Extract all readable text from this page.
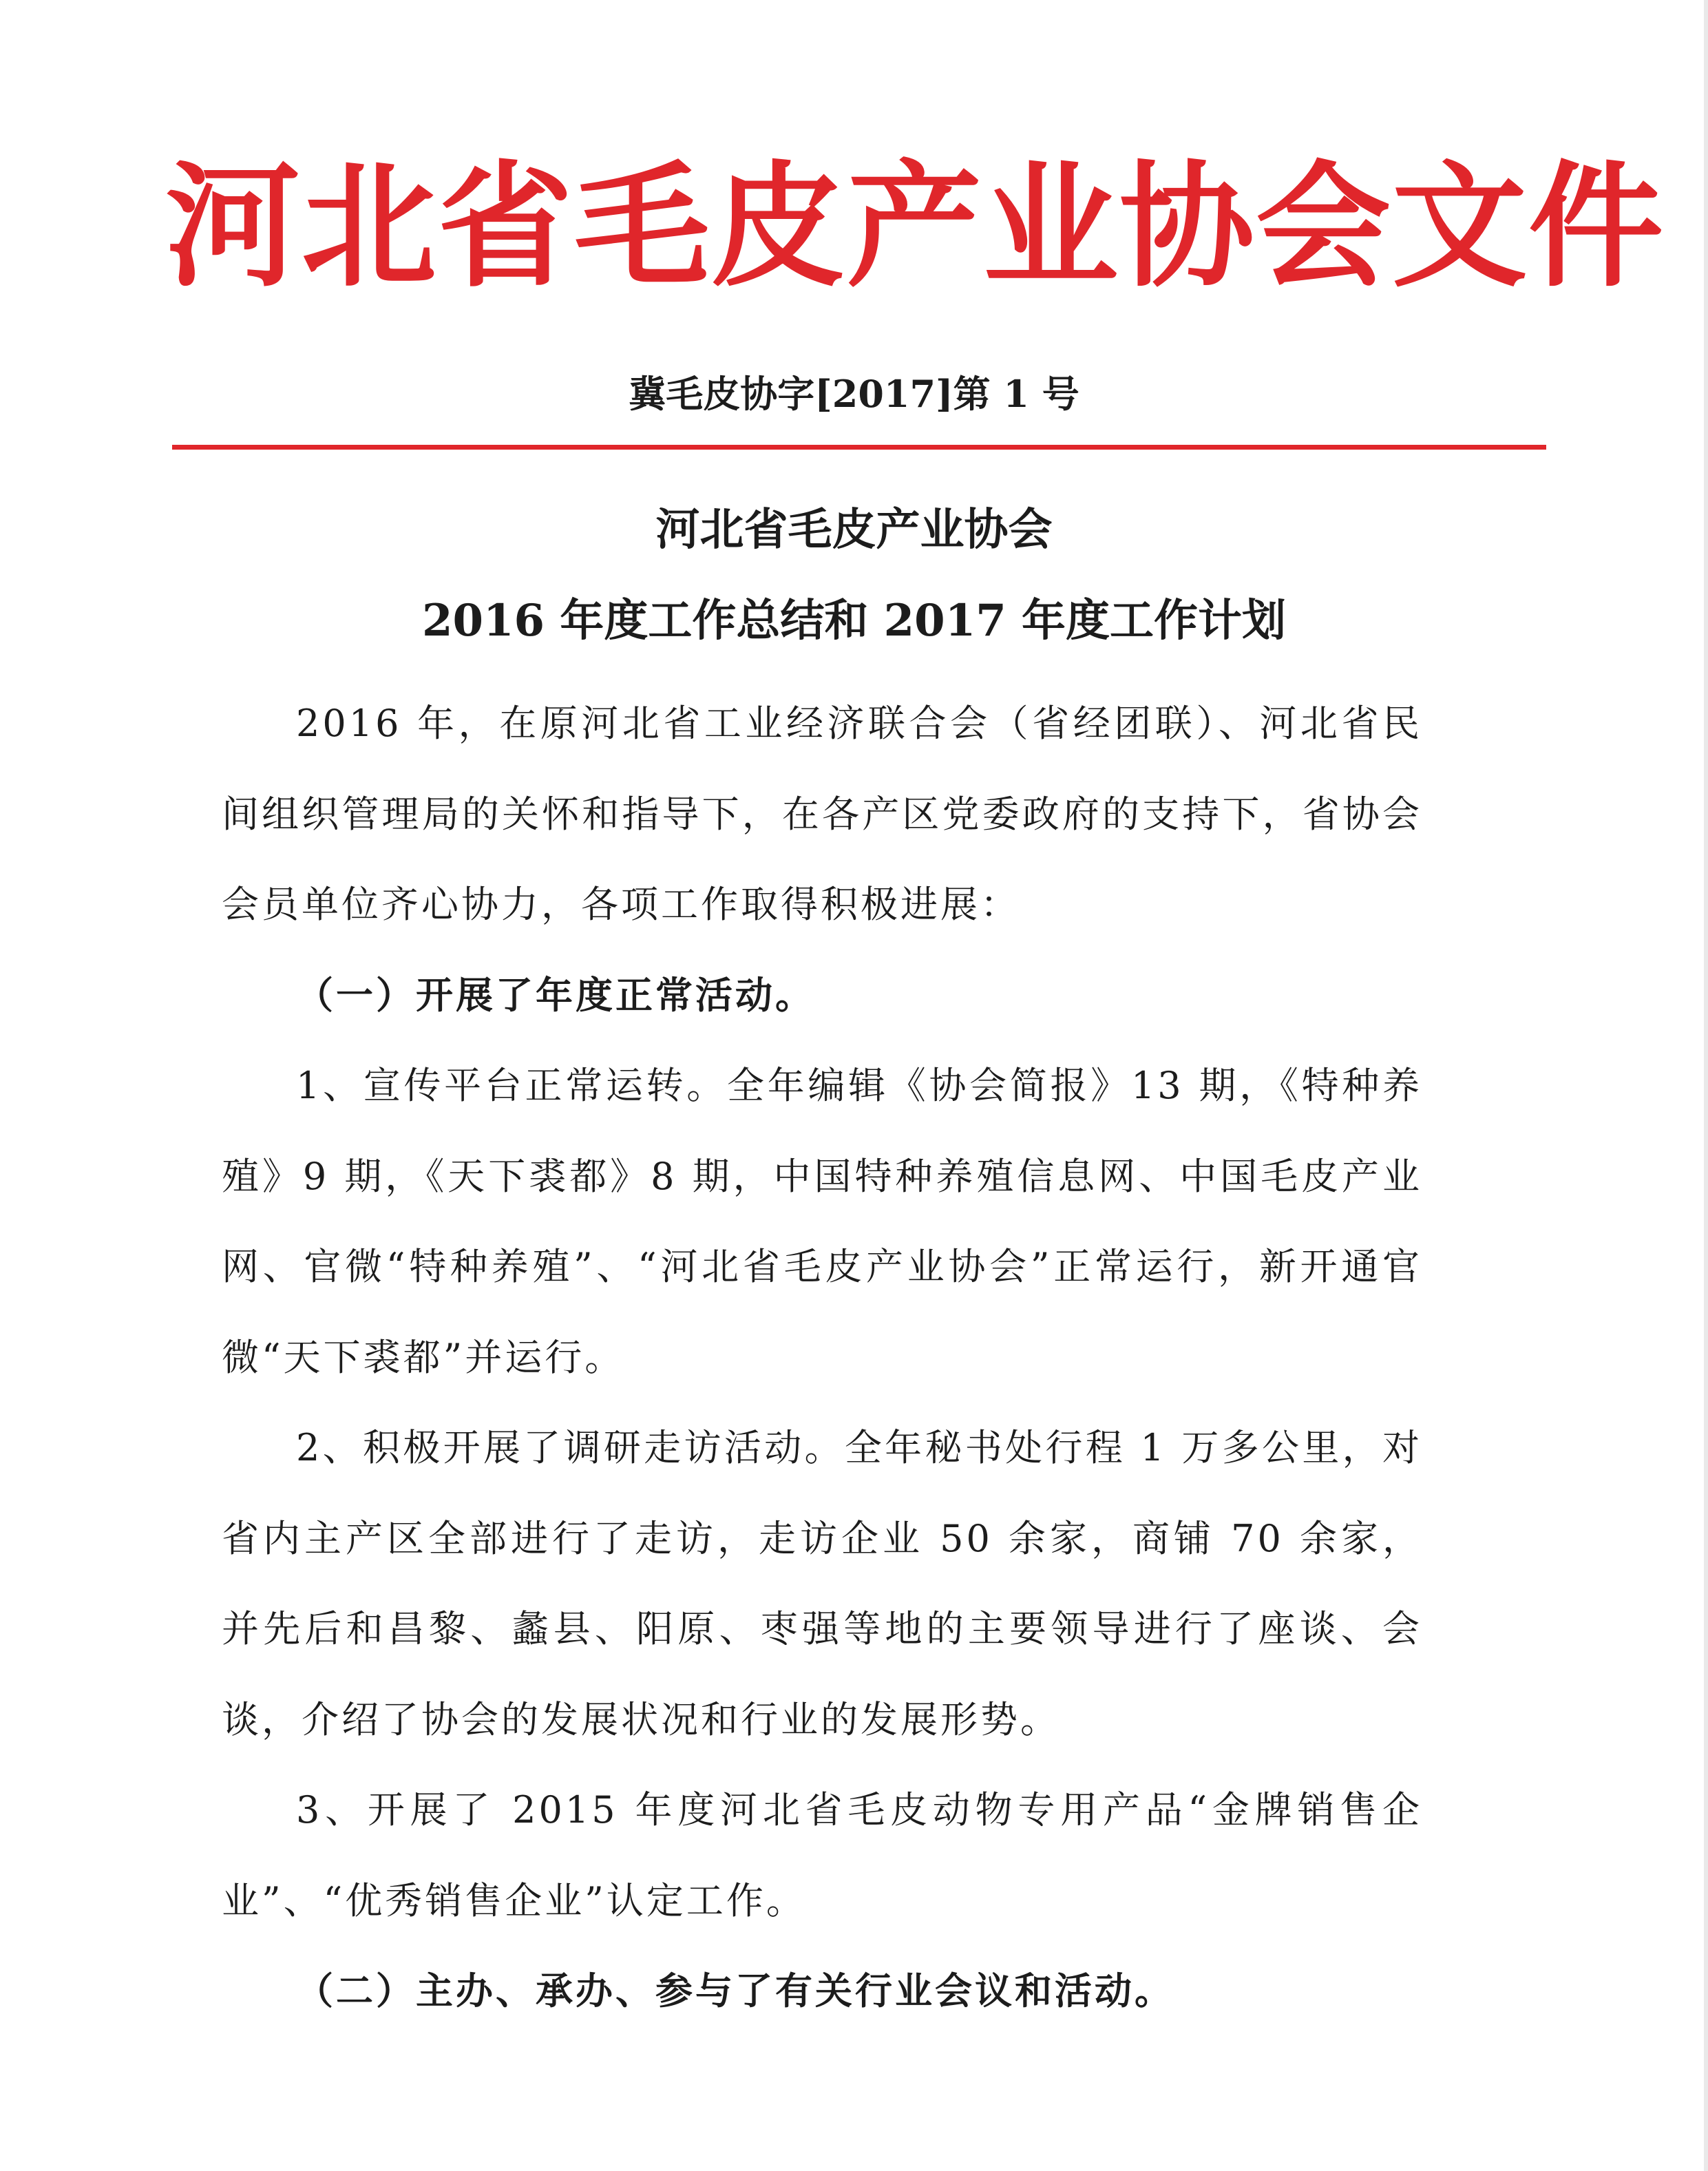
河北省毛皮产业协会文件
冀毛皮协字[2017]第 1 号
河北省毛皮产业协会
2016 年度工作总结和 2017 年度工作计划

2016 年，在原河北省工业经济联合会（省经团联）、河北省民间组织管理局的关怀和指导下，在各产区党委政府的支持下，省协会会员单位齐心协力，各项工作取得积极进展：

（一）开展了年度正常活动。

1、宣传平台正常运转。全年编辑《协会简报》13 期，《特种养殖》9 期，《天下裘都》8 期，中国特种养殖信息网、中国毛皮产业网、官微“特种养殖”、“河北省毛皮产业协会”正常运行，新开通官微“天下裘都”并运行。

2、积极开展了调研走访活动。全年秘书处行程 1 万多公里，对省内主产区全部进行了走访，走访企业 50 余家，商铺 70 余家，并先后和昌黎、蠡县、阳原、枣强等地的主要领导进行了座谈、会谈，介绍了协会的发展状况和行业的发展形势。

3、开展了 2015 年度河北省毛皮动物专用产品“金牌销售企业”、“优秀销售企业”认定工作。

（二）主办、承办、参与了有关行业会议和活动。
